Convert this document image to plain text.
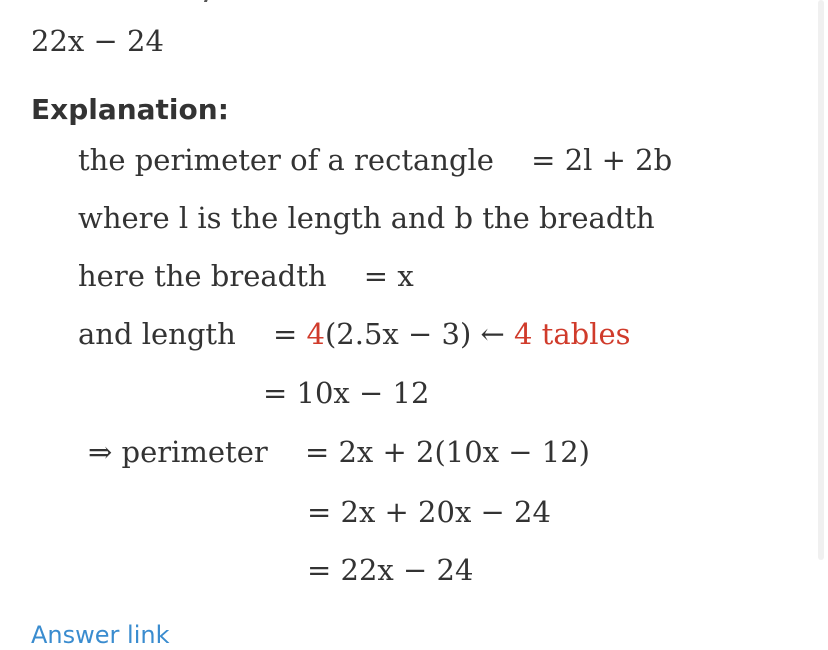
22x − 24

Explanation:
the perimeter of a rectangle = 2l + 2b
where l is the length and b the breadth
here the breadth = x
and length = 4(2.5x − 3) ← 4 tables
= 10x − 12
⇒ perimeter = 2x + 2(10x − 12)
= 2x + 20x − 24
= 22x − 24
Answer link
